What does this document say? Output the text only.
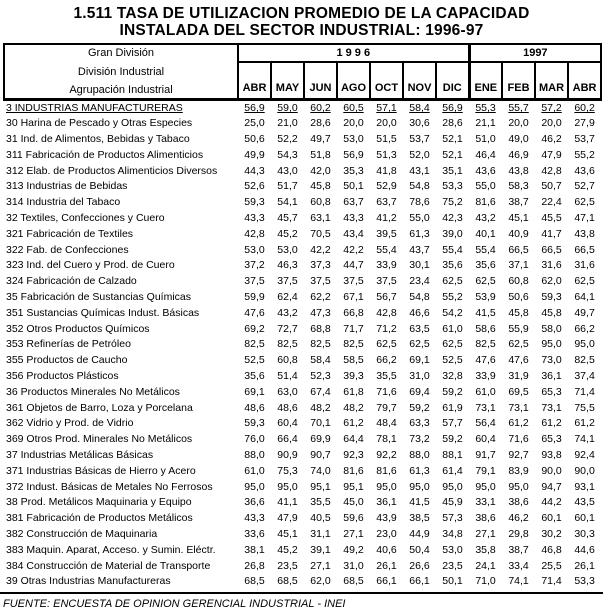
1.511 TASA DE UTILIZACION PROMEDIO DE LA CAPACIDAD
INSTALADA DEL SECTOR INDUSTRIAL: 1996-97
Gran División
División Industrial
Agrupación Industrial	1 9 9 6							1997			
	ABR	MAY	JUN	AGO	OCT	NOV	DIC	ENE	FEB	MAR	ABR
3 INDUSTRIAS MANUFACTURERAS	56,9	59,0	60,2	60,5	57,1	58,4	56,9	55,3	55,7	57,2	60,2
30 Harina de Pescado y Otras Especies	25,0	21,0	28,6	20,0	20,0	30,6	28,6	21,1	20,0	20,0	27,9
31 Ind. de Alimentos, Bebidas y Tabaco	50,6	52,2	49,7	53,0	51,5	53,7	52,1	51,0	49,0	46,2	53,7
311 Fabricación de Productos Alimenticios	49,9	54,3	51,8	56,9	51,3	52,0	52,1	46,4	46,9	47,9	55,2
312 Elab. de Productos Alimenticios Diversos	44,3	43,0	42,0	35,3	41,8	43,1	35,1	43,6	43,8	42,8	43,6
313 Industrias de Bebidas	52,6	51,7	45,8	50,1	52,9	54,8	53,3	55,0	58,3	50,7	52,7
314 Industria del Tabaco	59,3	54,1	60,8	63,7	63,7	78,6	75,2	81,6	38,7	22,4	62,5
32 Textiles, Confecciones y Cuero	43,3	45,7	63,1	43,3	41,2	55,0	42,3	43,2	45,1	45,5	47,1
321 Fabricación de Textiles	42,8	45,2	70,5	43,4	39,5	61,3	39,0	40,1	40,9	41,7	43,8
322 Fab. de Confecciones	53,0	53,0	42,2	42,2	55,4	43,7	55,4	55,4	66,5	66,5	66,5
323 Ind. del Cuero y Prod. de Cuero	37,2	46,3	37,3	44,7	33,9	30,1	35,6	35,6	37,1	31,6	31,6
324 Fabricación de Calzado	37,5	37,5	37,5	37,5	37,5	23,4	62,5	62,5	60,8	62,0	62,5
35 Fabricación de Sustancias Químicas	59,9	62,4	62,2	67,1	56,7	54,8	55,2	53,9	50,6	59,3	64,1
351 Sustancias Químicas Indust. Básicas	47,6	43,2	47,3	66,8	42,8	46,6	54,2	41,5	45,8	45,8	49,7
352 Otros Productos Químicos	69,2	72,7	68,8	71,7	71,2	63,5	61,0	58,6	55,9	58,0	66,2
353 Refinerías de Petróleo	82,5	82,5	82,5	82,5	62,5	62,5	62,5	82,5	62,5	95,0	95,0
355 Productos de Caucho	52,5	60,8	58,4	58,5	66,2	69,1	52,5	47,6	47,6	73,0	82,5
356 Productos Plásticos	35,6	51,4	52,3	39,3	35,5	31,0	32,8	33,9	31,9	36,1	37,4
36 Productos Minerales No Metálicos	69,1	63,0	67,4	61,8	71,6	69,4	59,2	61,0	69,5	65,3	71,4
361 Objetos de Barro, Loza y Porcelana	48,6	48,6	48,2	48,2	79,7	59,2	61,9	73,1	73,1	73,1	75,5
362 Vidrio y Prod. de Vidrio	59,3	60,4	70,1	61,2	48,4	63,3	57,7	56,4	61,2	61,2	61,2
369 Otros Prod. Minerales No Metálicos	76,0	66,4	69,9	64,4	78,1	73,2	59,2	60,4	71,6	65,3	74,1
37 Industrias Metálicas Básicas	88,0	90,9	90,7	92,3	92,2	88,0	88,1	91,7	92,7	93,8	92,4
371 Industrias Básicas de Hierro y Acero	61,0	75,3	74,0	81,6	81,6	61,3	61,4	79,1	83,9	90,0	90,0
372 Indust. Básicas de Metales No Ferrosos	95,0	95,0	95,1	95,1	95,0	95,0	95,0	95,0	95,0	94,7	93,1
38 Prod. Metálicos Maquinaria y Equipo	36,6	41,1	35,5	45,0	36,1	41,5	45,9	33,1	38,6	44,2	43,5
381 Fabricación de Productos Metálicos	43,3	47,9	40,5	59,6	43,9	38,5	57,3	38,6	46,2	60,1	60,1
382 Construcción de Maquinaria	33,6	45,1	31,1	27,1	23,0	44,9	34,8	27,1	29,8	30,2	30,3
383 Maquin. Aparat, Acceso. y Sumin. Eléctr.	38,1	45,2	39,1	49,2	40,6	50,4	53,0	35,8	38,7	46,8	44,6
384 Construcción de Material de Transporte	26,8	23,5	27,1	31,0	26,1	26,6	23,5	24,1	33,4	25,5	26,1
39 Otras Industrias Manufactureras	68,5	68,5	62,0	68,5	66,1	66,1	50,1	71,0	74,1	71,4	53,3
FUENTE: ENCUESTA DE OPINION GERENCIAL INDUSTRIAL - INEI
